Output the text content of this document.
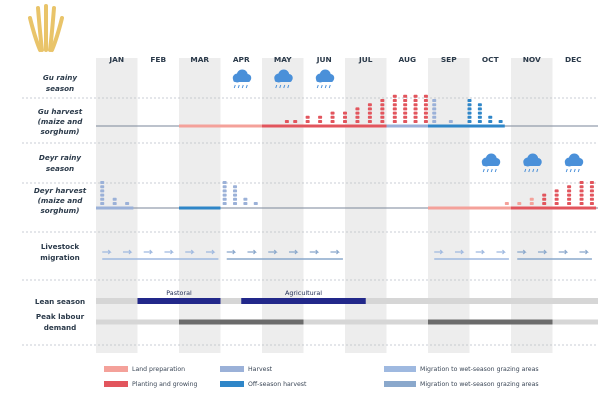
JAN	FEB	MAR	APR	MAY	JUN	JUL	AUG	SEP	OCT	NOV	DEC
Gu rainy
season
Gu harvest
(maize and
sorghum)
Deyr rainy
season
Deyr harvest
(maize and
sorghum)
Livestock
migration
Lean season
Peak labour
demand
Pastoral	Agricultural
Land preparation
Planting and growing
Harvest
Off-season harvest
Migration to wet-season grazing areas
Migration to wet-season grazing areas
